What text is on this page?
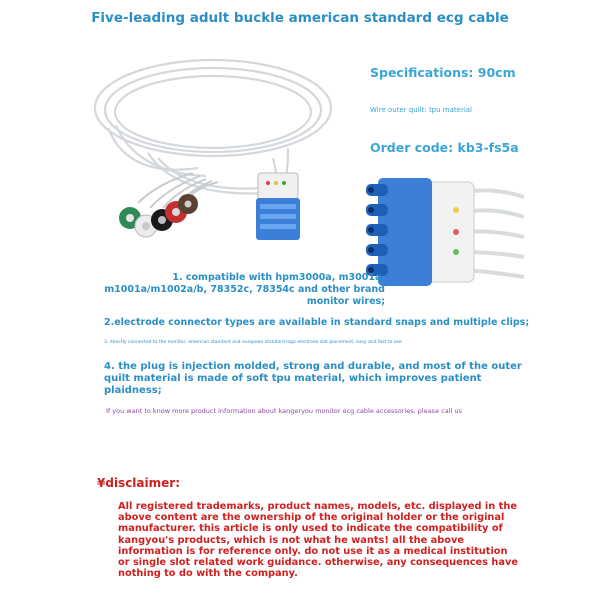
Five-leading adult buckle american standard ecg cable
Specifications: 90cm
Wire outer quilt: tpu material
Order code: kb3-fs5a
1. compatible with hpm3000a, m3001a, m1001a/m1002a/b, 78352c, 78354c and other brand monitor wires;
2.electrode connector types are available in standard snaps and multiple clips;
3. directly connected to the monitor, american standard and european standard logo electrode slot placement, easy and fast to use
4. the plug is injection molded, strong and durable, and most of the outer quilt material is made of soft tpu material, which improves patient plaidness;
If you want to know more product information about kangeryou monitor ecg cable accessories, please call us
¥disclaimer:
All registered trademarks, product names, models, etc. displayed in the above content are the ownership of the original holder or the original manufacturer. this article is only used to indicate the compatibility of kangyou's products, which is not what he wants! all the above information is for reference only. do not use it as a medical institution or single slot related work guidance. otherwise, any consequences have nothing to do with the company.
